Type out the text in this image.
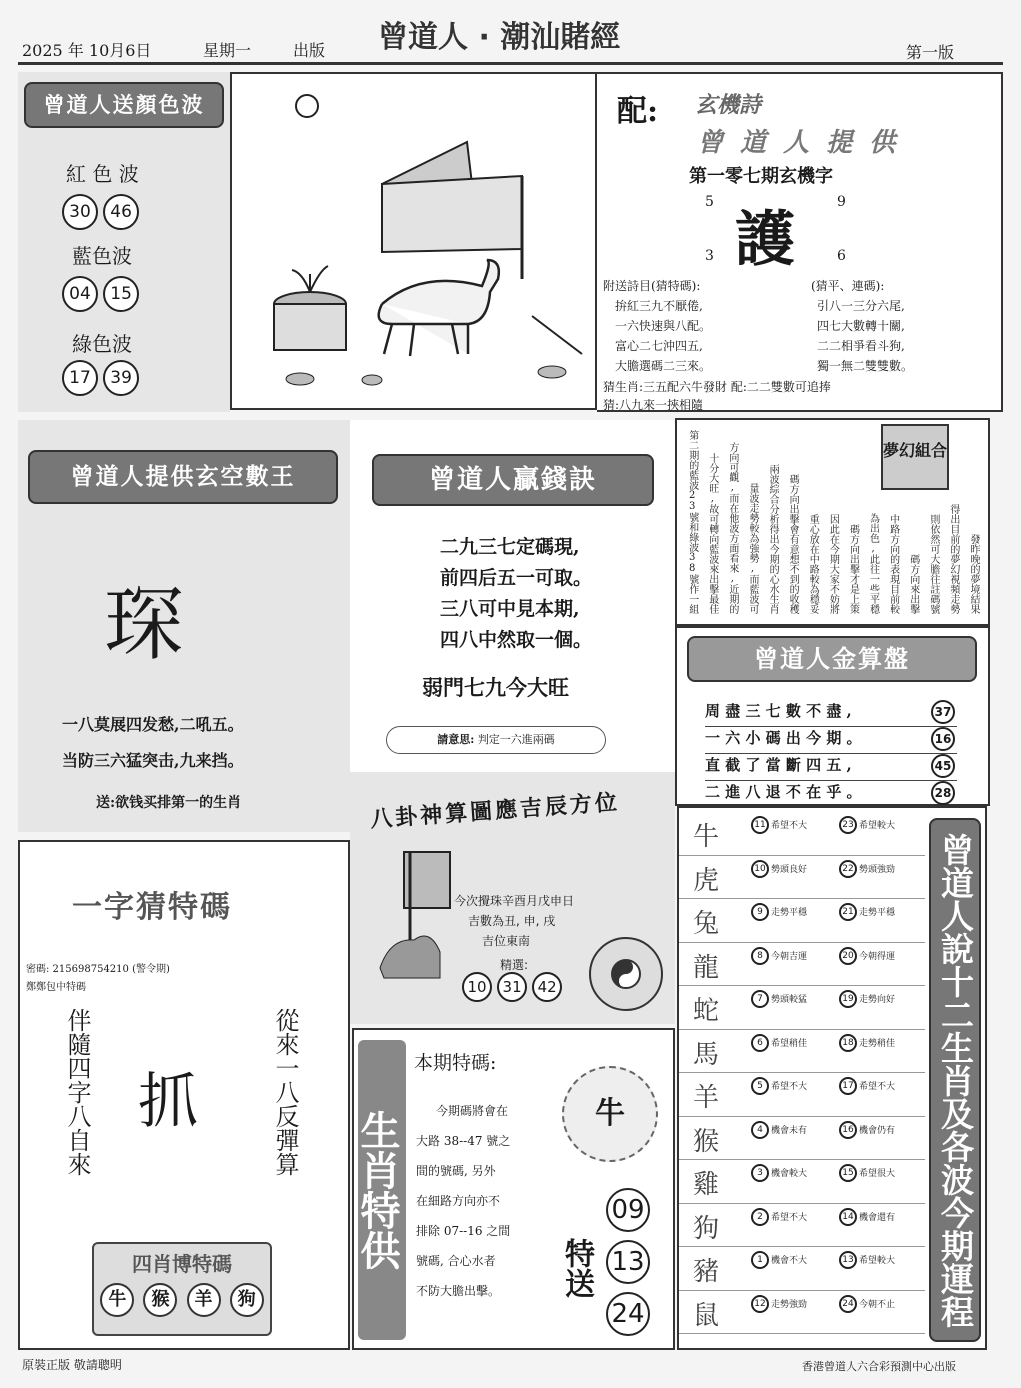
2025 年 10月6日	星期一	出版 曾道人 · 潮汕賭經	第一版
曾道人送顏色波
紅 色 波
30 46
藍色波
04 15
綠色波
17 39
配: 玄機詩
曾 道 人 提 供
第一零七期玄機字
5	9
護
3	6
附送詩目(猜特碼):
拚紅三九不厭倦,
一六快速與八配。
富心二七沖四五,
大膽選碼二三來。
(猜平、連碼):
引八一三分六尾,
四七大數轉十關,
二二相爭看斗狗,
獨一無二雙雙數。
猜生肖:三五配六牛發財 配:二二雙數可追捧
猜:八九來一挾相隨
曾道人提供玄空數王
琛
一八莫展四发愁,二吼五。
当防三六猛突击,九来挡。
送:欲钱买排第一的生肖
曾道人贏錢訣
二九三七定碼現,
前四后五一可取。
三八可中見本期,
四八中然取一個。
弱門七九今大旺
請意思: 判定一六進兩碼
夢幻組合
發昨晚的夢境結果 得出目前的夢幻視頻走勢 則依然可大膽往註碼號 碼方向來出擊 中路方向的表現目前較 為出色,此往一些平穩 碼方向出擊才是上策 因此在今期大家不妨將 重心放在中路較為穩妥 碼方向出擊會有意想不到的收穫 兩波綜合分析得出今期的心水生肖 量波走勢較為強勢,而藍波可 方向可觀,而在他波方面看來,近期的 十分大旺,故可轉向藍波來出擊最佳 第二期的藍波23號和綠波38號作一組
曾道人金算盤
周 盡 三 七 數 不 盡 ,	37
一 六 小 碼 出 今 期 。	16
直 截 了 當 斷 四 五 ,	45
二 進 八 退 不 在 乎 。	28
一字猜特碼
密碼: 215698754210 (警令期)
鄭鄭包中特碼
伴隨四字八自來 抓	從來一八反彈算
四肖博特碼
牛 猴 羊 狗
八卦神算圖應吉辰方位
今次攪珠辛酉月戊申日
吉數為丑, 申, 戌
吉位東南
精選:
10 31 42
生肖特供
本期特碼:
今期碼將會在
大路 38--47 號之
間的號碼, 另外
在細路方向亦不
排除 07--16 之間
號碼, 合心水者
不防大膽出擊。
牛
特送
09
13
24
牛	11 希望不大	23 希望較大
虎	10 勢頭良好	22 勢頭強勁
兔	9 走勢平穩	21 走勢平穩
龍	8 今朝吉運	20 今朝得運
蛇	7 勢頭較猛	19 走勢向好
馬	6 希望稍佳	18 走勢稍佳
羊	5 希望不大	17 希望不大
猴	4 機會未有	16 機會仍有
雞	3 機會較大	15 希望很大
狗	2 希望不大	14 機會還有
豬	1 機會不大	13 希望較大
鼠	12 走勢強勁	24 今朝不止 曾道人說十二生肖及各波今期運程
原裝正版 敬請聰明	香港曾道人六合彩預測中心出版
